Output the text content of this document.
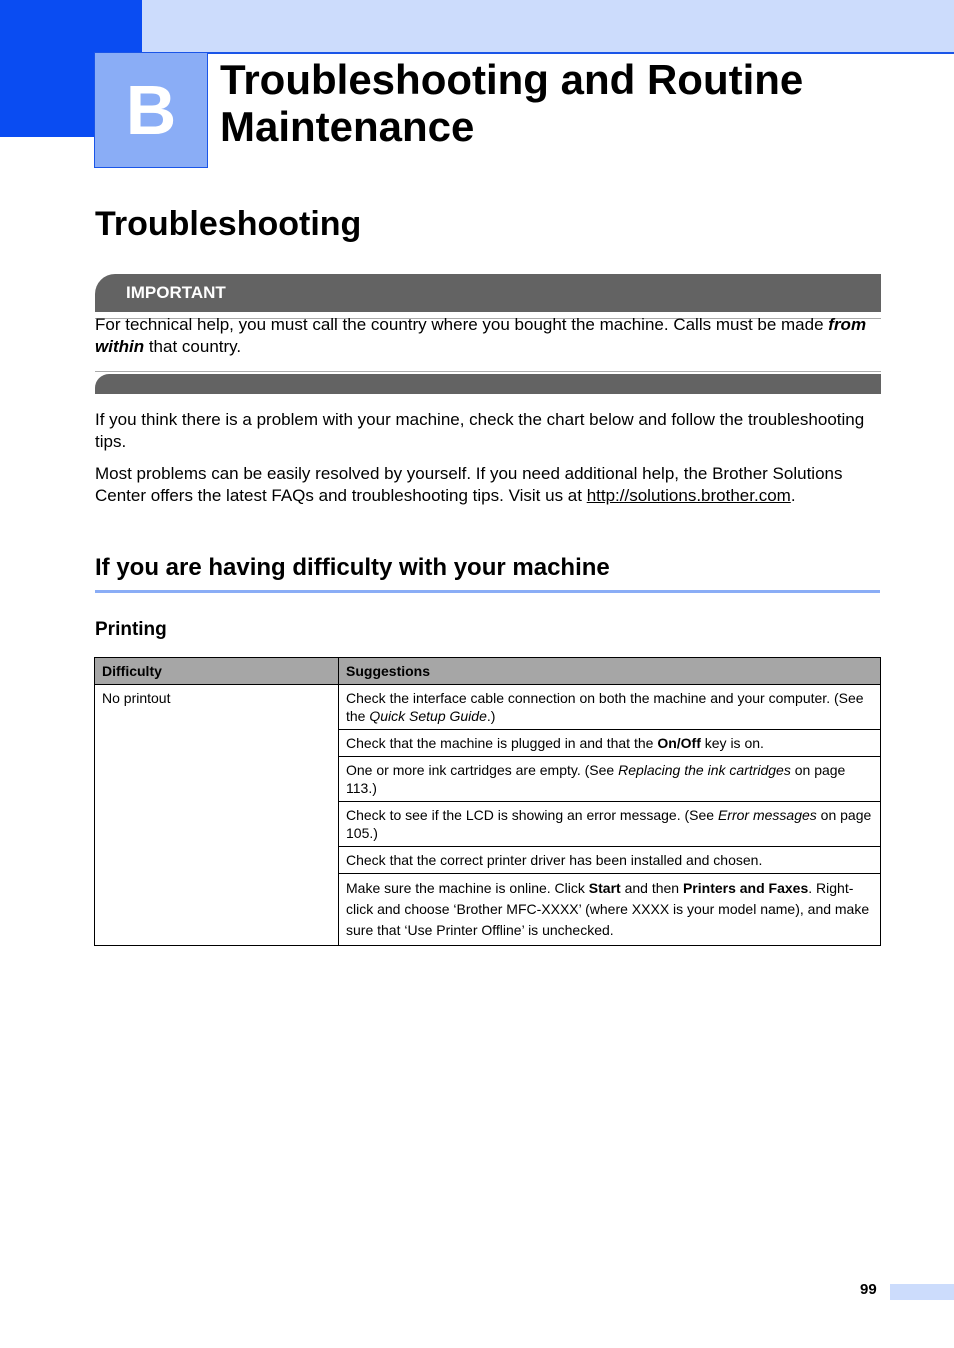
B Troubleshooting and Routine Maintenance
Troubleshooting
IMPORTANT

For technical help, you must call the country where you bought the machine. Calls must be made from within that country.

If you think there is a problem with your machine, check the chart below and follow the troubleshooting tips.

Most problems can be easily resolved by yourself. If you need additional help, the Brother Solutions Center offers the latest FAQs and troubleshooting tips. Visit us at http://solutions.brother.com.

If you are having difficulty with your machine
Printing
Difficulty	Suggestions
No printout	Check the interface cable connection on both the machine and your computer. (See the Quick Setup Guide.)
	Check that the machine is plugged in and that the On/Off key is on.
	One or more ink cartridges are empty. (See Replacing the ink cartridges on page 113.)
	Check to see if the LCD is showing an error message. (See Error messages on page 105.)
	Check that the correct printer driver has been installed and chosen.
	Make sure the machine is online. Click Start and then Printers and Faxes. Right-click and choose ‘Brother MFC-XXXX’ (where XXXX is your model name), and make sure that ‘Use Printer Offline’ is unchecked.
99
